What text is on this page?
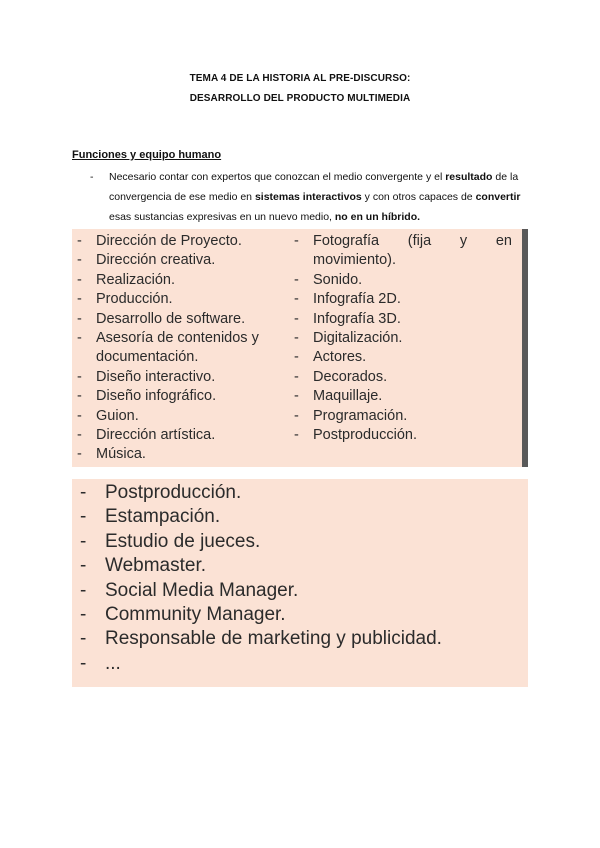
TEMA 4 DE LA HISTORIA AL PRE-DISCURSO:
DESARROLLO DEL PRODUCTO MULTIMEDIA
Funciones y equipo humano
- Necesario contar con expertos que conozcan el medio convergente y el resultado de la convergencia de ese medio en sistemas interactivos y con otros capaces de convertir esas sustancias expresivas en un nuevo medio, no en un híbrido.
- Dirección de Proyecto.
- Dirección creativa.
- Realización.
- Producción.
- Desarrollo de software.
- Asesoría de contenidos y
documentación.
- Diseño interactivo.
- Diseño infográfico.
- Guion.
- Dirección artística.
- Música.
- Fotografía (fija y en
movimiento).
- Sonido.
- Infografía 2D.
- Infografía 3D.
- Digitalización.
- Actores.
- Decorados.
- Maquillaje.
- Programación.
- Postproducción.
- Postproducción.
- Estampación.
- Estudio de jueces.
- Webmaster.
- Social Media Manager.
- Community Manager.
- Responsable de marketing y publicidad.
- ...
